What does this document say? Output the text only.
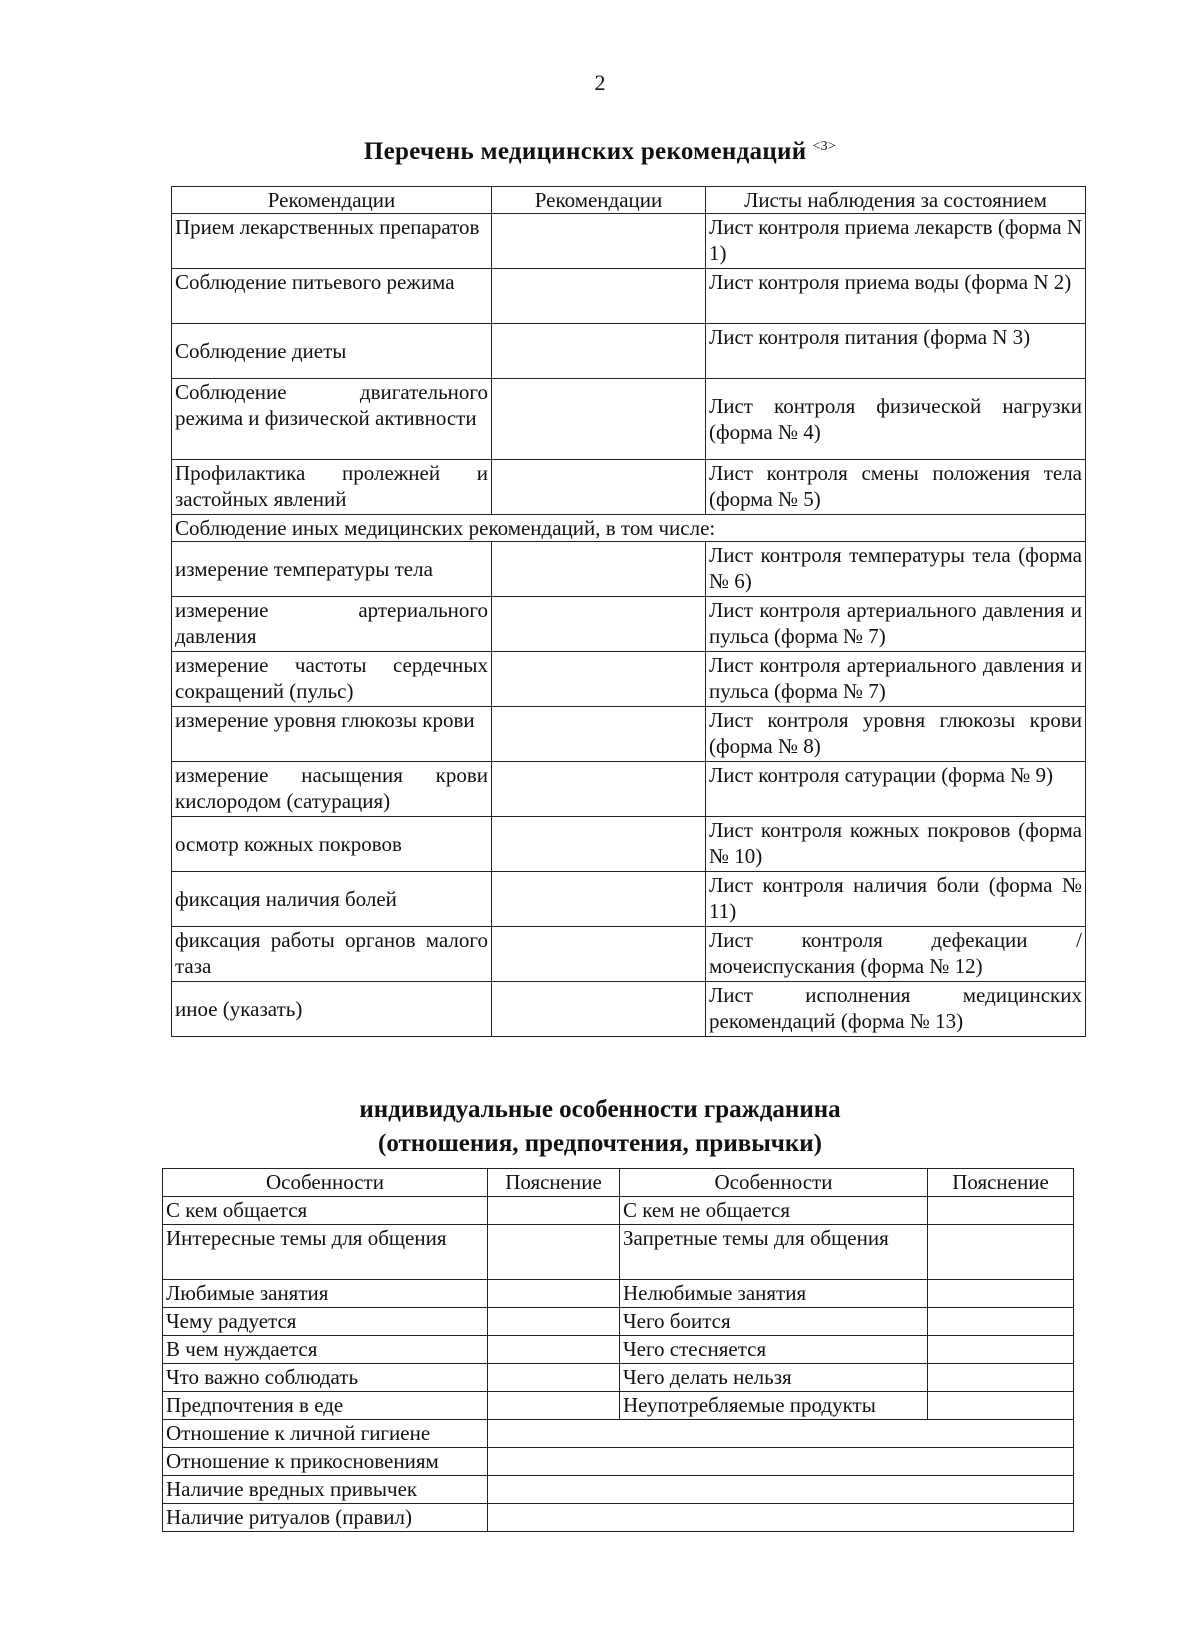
2
Перечень медицинских рекомендаций $^{<3>}$
Рекомендации	Рекомендации	Листы наблюдения за состоянием
Прием лекарственных препаратов		Лист контроля приема лекарств (форма N 1)
Соблюдение питьевого режима		Лист контроля приема воды (форма N 2)
Соблюдение диеты		Лист контроля питания (форма N 3)
Соблюдение двигательного режима и физической активности		Лист контроля физической нагрузки (форма № 4)
Профилактика пролежней и застойных явлений		Лист контроля смены положения тела (форма № 5)
Соблюдение иных медицинских рекомендаций, в том числе:		
измерение температуры тела		Лист контроля температуры тела (форма № 6)
измерение артериального давления		Лист контроля артериального давления и пульса (форма № 7)
измерение частоты сердечных сокращений (пульс)		Лист контроля артериального давления и пульса (форма № 7)
измерение уровня глюкозы крови		Лист контроля уровня глюкозы крови (форма № 8)
измерение насыщения крови кислородом (сатурация)		Лист контроля сатурации (форма № 9)
осмотр кожных покровов		Лист контроля кожных покровов (форма № 10)
фиксация наличия болей		Лист контроля наличия боли (форма № 11)
фиксация работы органов малого таза		Лист контроля дефекации / мочеиспускания (форма № 12)
иное (указать)		Лист исполнения медицинских рекомендаций (форма № 13)
индивидуальные особенности гражданина
(отношения, предпочтения, привычки)
Особенности	Пояснение	Особенности	Пояснение
С кем общается		С кем не общается	
Интересные темы для общения		Запретные темы для общения	
Любимые занятия		Нелюбимые занятия	
Чему радуется		Чего боится	
В чем нуждается		Чего стесняется	
Что важно соблюдать		Чего делать нельзя	
Предпочтения в еде		Неупотребляемые продукты	
Отношение к личной гигиене			
Отношение к прикосновениям			
Наличие вредных привычек			
Наличие ритуалов (правил)			
